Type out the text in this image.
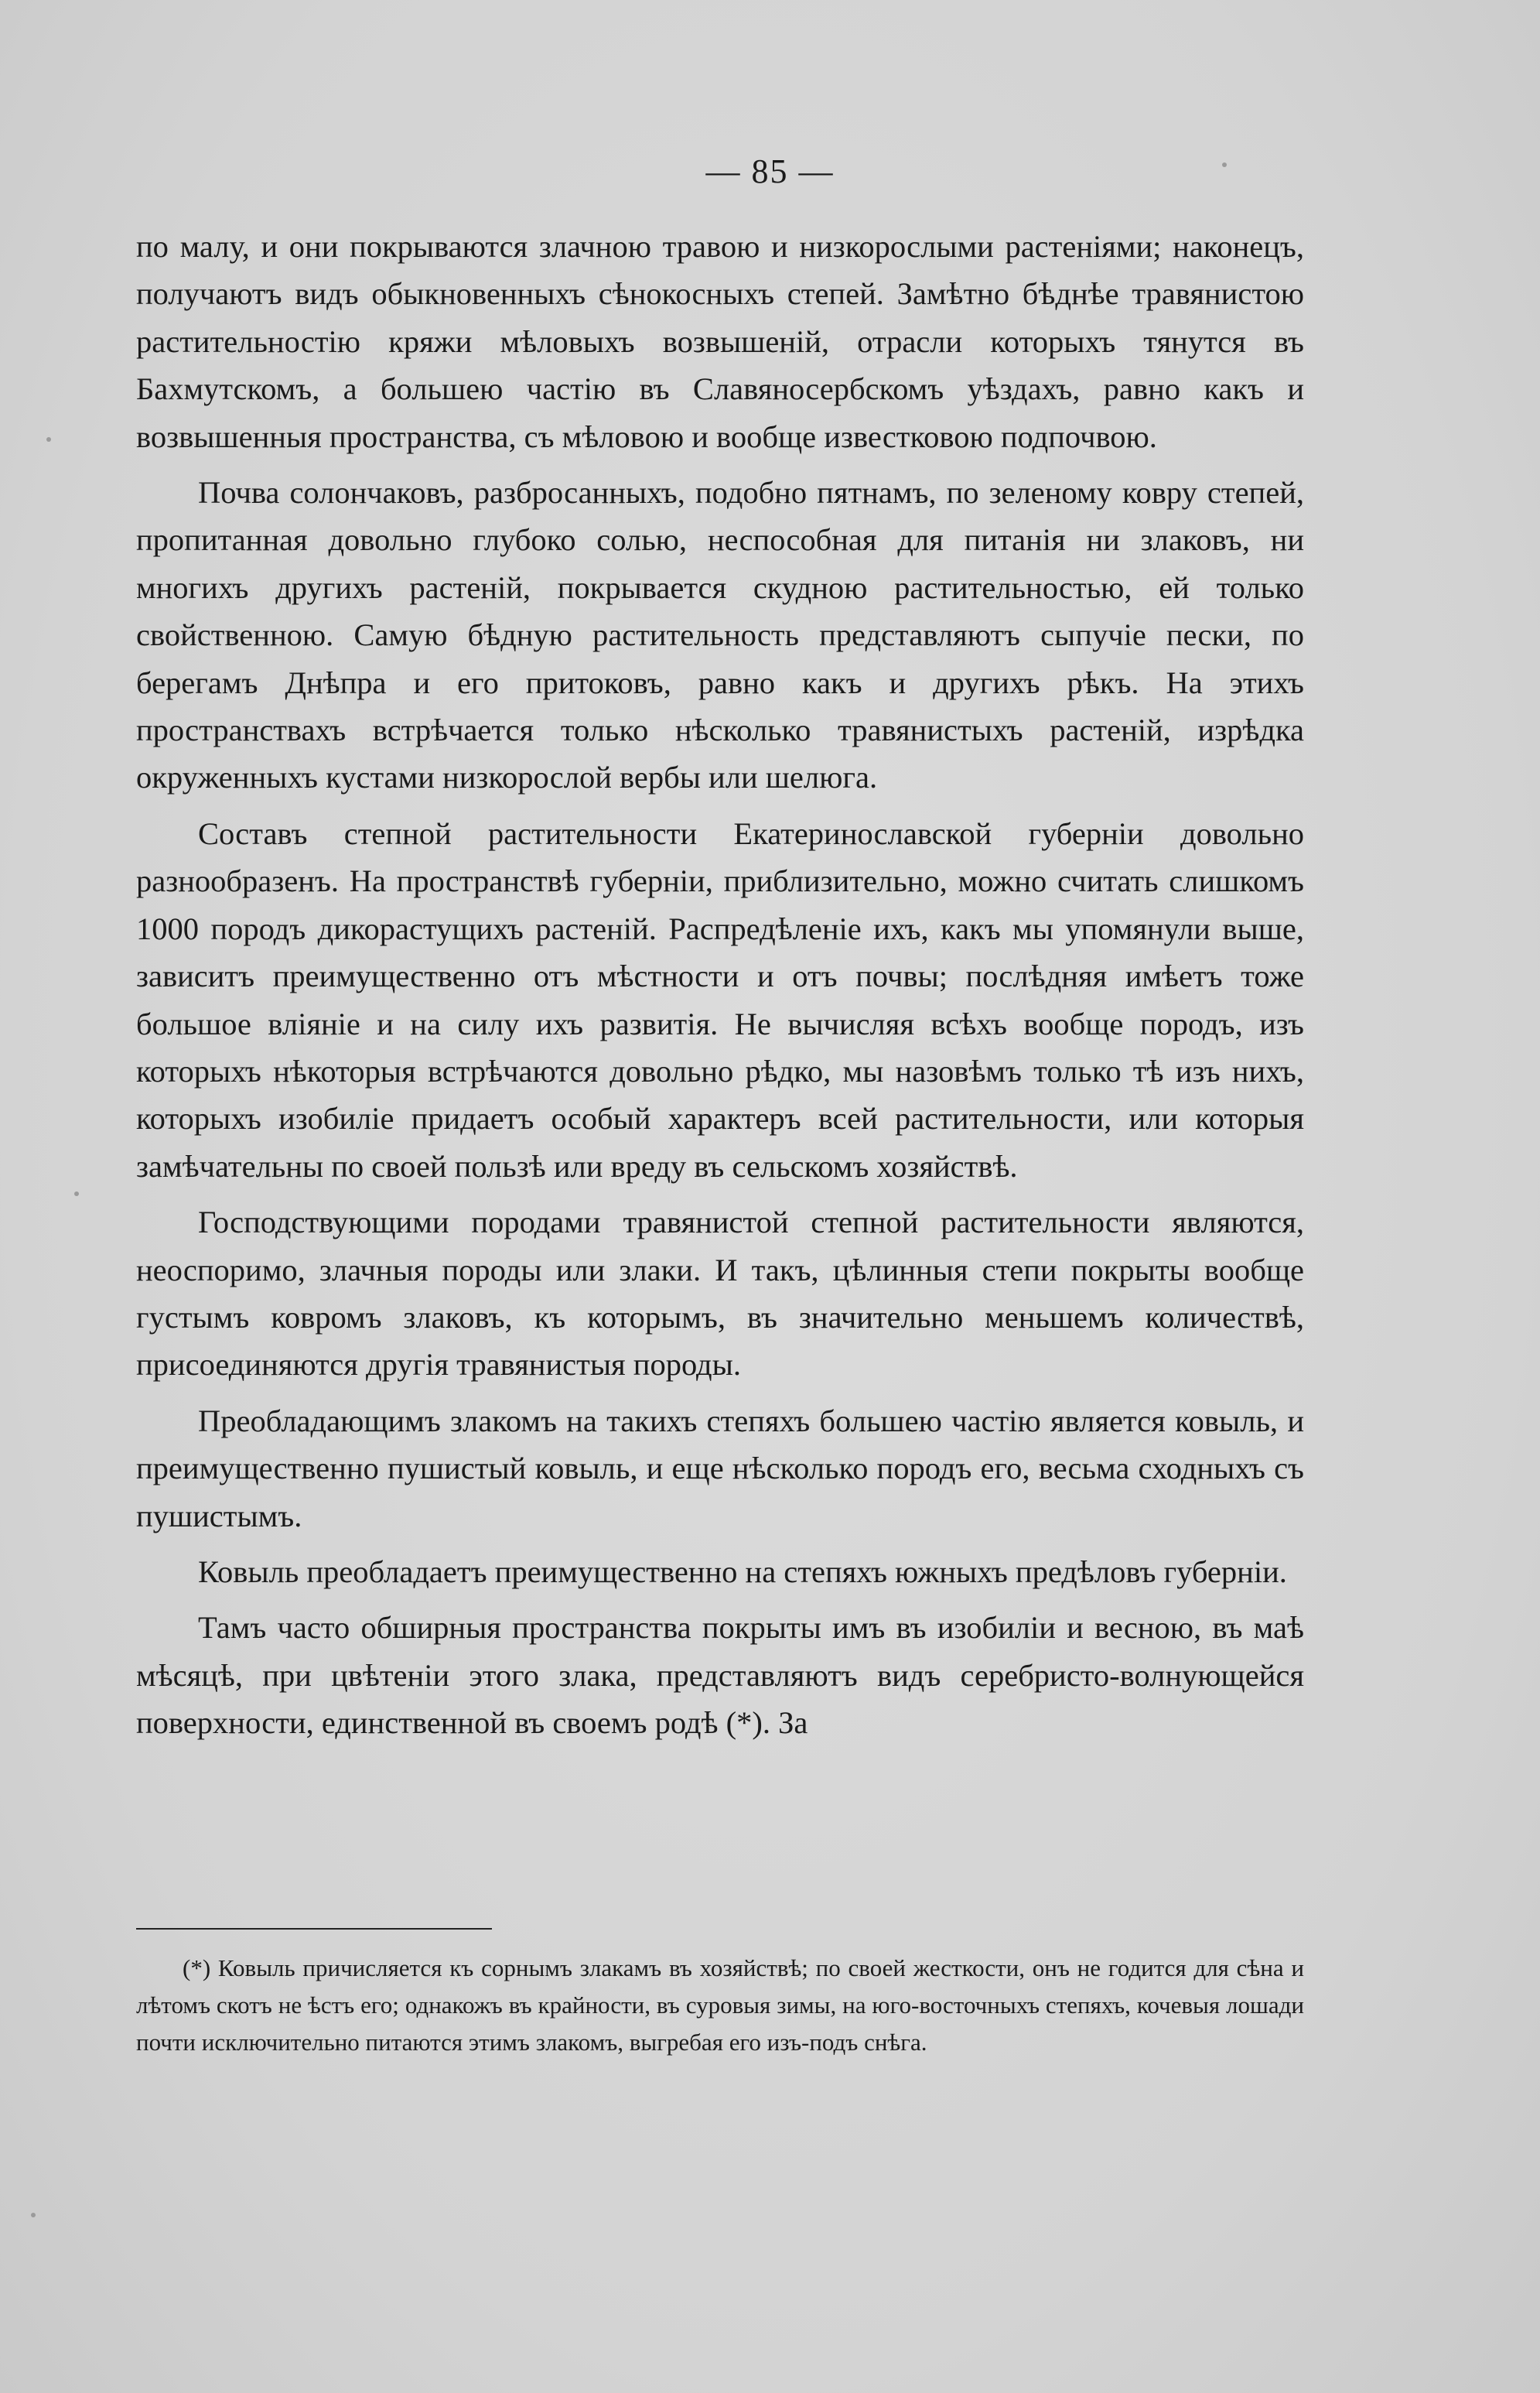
— 85 —

по малу, и они покрываются злачною травою и низкорослыми растеніями; наконецъ, получаютъ видъ обыкновенныхъ сѣнокосныхъ степей. Замѣтно бѣднѣе травянистою растительностію кряжи мѣловыхъ возвышеній, отрасли которыхъ тянутся въ Бахмутскомъ, а большею частію въ Славяносербскомъ уѣздахъ, равно какъ и возвышенныя пространства, съ мѣловою и вообще известковою подпочвою.

Почва солончаковъ, разбросанныхъ, подобно пятнамъ, по зеленому ковру степей, пропитанная довольно глубоко солью, неспособная для питанія ни злаковъ, ни многихъ другихъ растеній, покрывается скудною растительностью, ей только свойственною. Самую бѣдную растительность представляютъ сыпучіе пески, по берегамъ Днѣпра и его притоковъ, равно какъ и другихъ рѣкъ. На этихъ пространствахъ встрѣчается только нѣсколько травянистыхъ растеній, изрѣдка окруженныхъ кустами низкорослой вербы или шелюга.

Составъ степной растительности Екатеринославской губерніи довольно разнообразенъ. На пространствѣ губерніи, приблизительно, можно считать слишкомъ 1000 породъ дикорастущихъ растеній. Распредѣленіе ихъ, какъ мы упомянули выше, зависитъ преимущественно отъ мѣстности и отъ почвы; послѣдняя имѣетъ тоже большое вліяніе и на силу ихъ развитія. Не вычисляя всѣхъ вообще породъ, изъ которыхъ нѣкоторыя встрѣчаются довольно рѣдко, мы назовѣмъ только тѣ изъ нихъ, которыхъ изобиліе придаетъ особый характеръ всей растительности, или которыя замѣчательны по своей пользѣ или вреду въ сельскомъ хозяйствѣ.

Господствующими породами травянистой степной растительности являются, неоспоримо, злачныя породы или злаки. И такъ, цѣлинныя степи покрыты вообще густымъ ковромъ злаковъ, къ которымъ, въ значительно меньшемъ количествѣ, присоединяются другія травянистыя породы.

Преобладающимъ злакомъ на такихъ степяхъ большею частію является ковыль, и преимущественно пушистый ковыль, и еще нѣсколько породъ его, весьма сходныхъ съ пушистымъ.

Ковыль преобладаетъ преимущественно на степяхъ южныхъ предѣловъ губерніи.

Тамъ часто обширныя пространства покрыты имъ въ изобиліи и весною, въ маѣ мѣсяцѣ, при цвѣтеніи этого злака, представляютъ видъ серебристо-волнующейся поверхности, единственной въ своемъ родѣ (*). За

(*) Ковыль причисляется къ сорнымъ злакамъ въ хозяйствѣ; по своей жесткости, онъ не годится для сѣна и лѣтомъ скотъ не ѣстъ его; однакожъ въ крайности, въ суровыя зимы, на юго-восточныхъ степяхъ, кочевыя лошади почти исключительно питаются этимъ злакомъ, выгребая его изъ-подъ снѣга.
